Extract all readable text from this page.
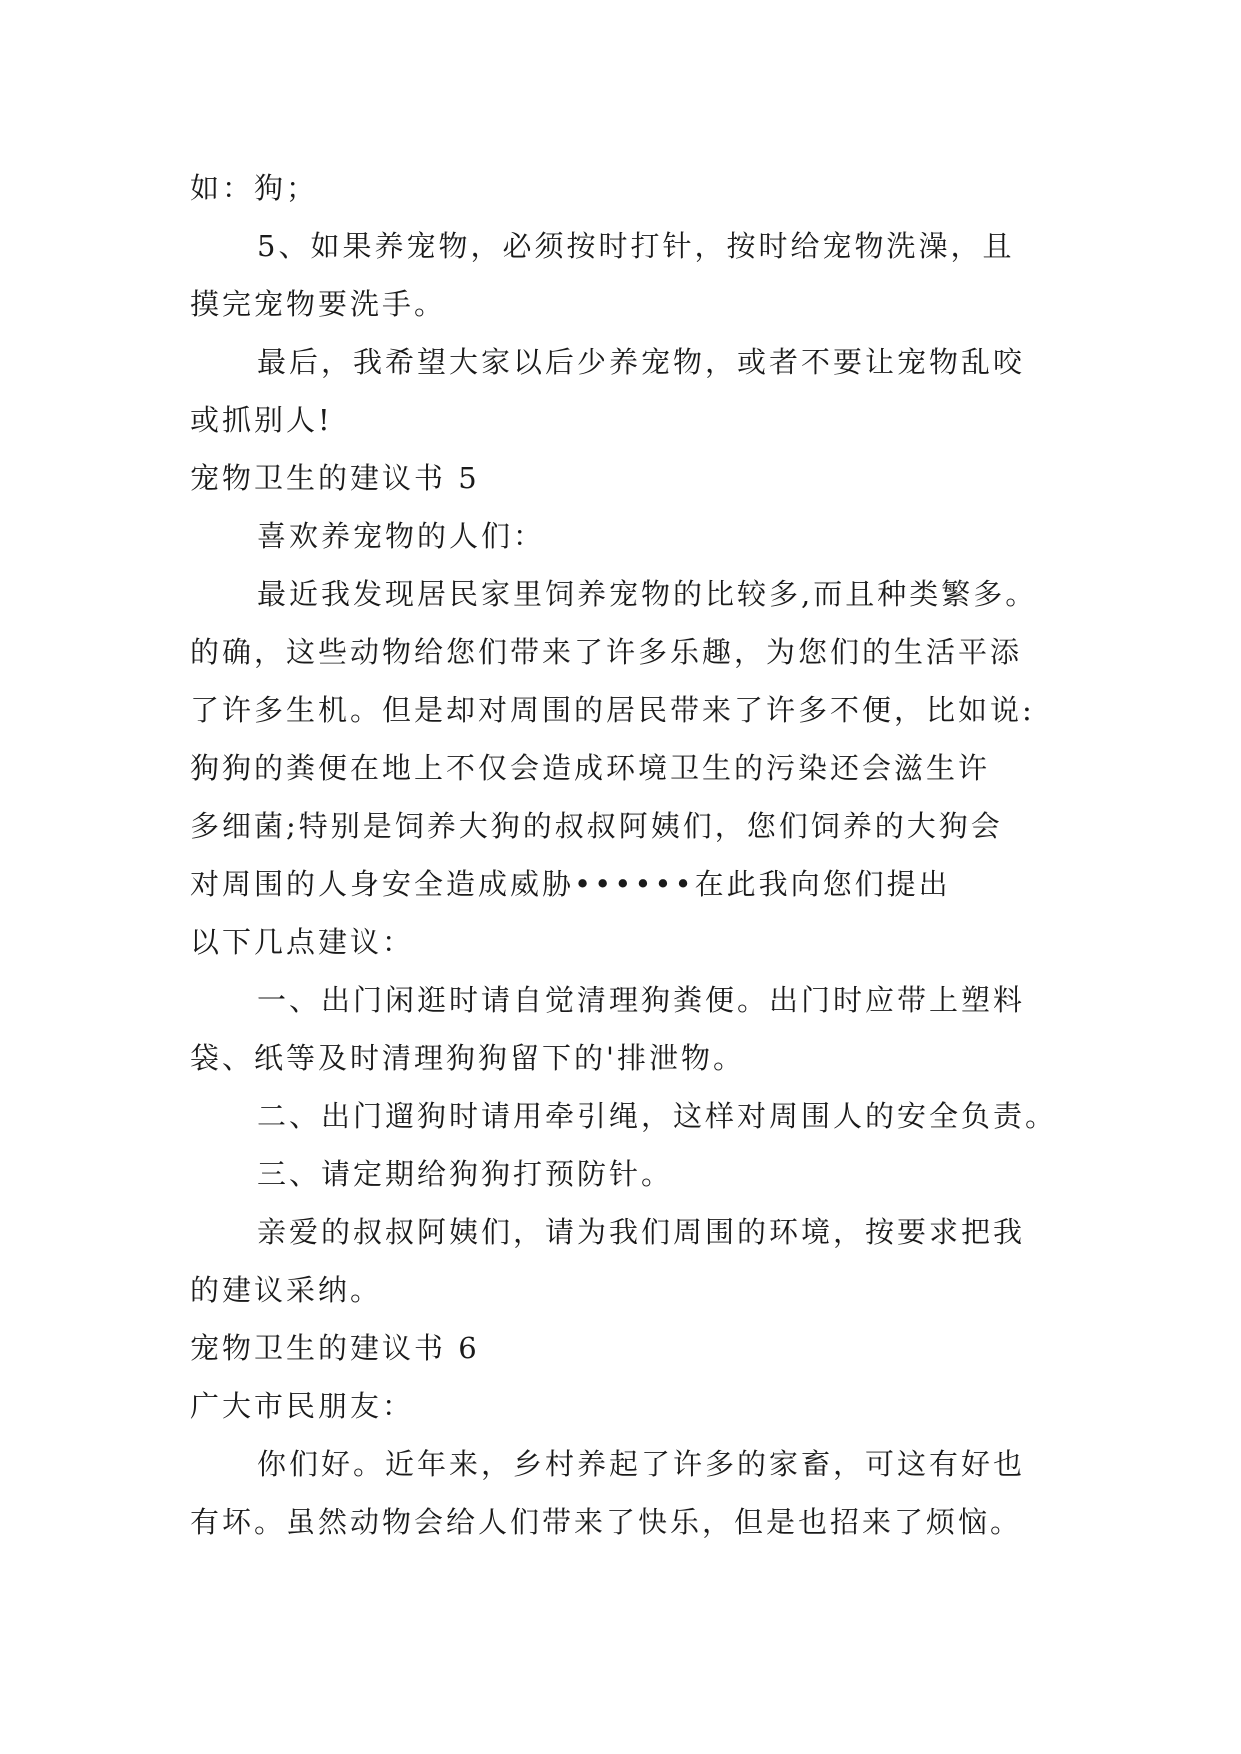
如：狗；
5、如果养宠物，必须按时打针，按时给宠物洗澡，且
摸完宠物要洗手。
最后，我希望大家以后少养宠物，或者不要让宠物乱咬
或抓别人!
宠物卫生的建议书 5
喜欢养宠物的人们：
最近我发现居民家里饲养宠物的比较多,而且种类繁多。
的确，这些动物给您们带来了许多乐趣，为您们的生活平添
了许多生机。但是却对周围的居民带来了许多不便，比如说:
狗狗的粪便在地上不仅会造成环境卫生的污染还会滋生许
多细菌;特别是饲养大狗的叔叔阿姨们，您们饲养的大狗会
对周围的人身安全造成威胁••••••在此我向您们提出
以下几点建议：
一、出门闲逛时请自觉清理狗粪便。出门时应带上塑料
袋、纸等及时清理狗狗留下的'排泄物。
二、出门遛狗时请用牵引绳，这样对周围人的安全负责。
三、请定期给狗狗打预防针。
亲爱的叔叔阿姨们，请为我们周围的环境，按要求把我
的建议采纳。
宠物卫生的建议书 6
广大市民朋友：
你们好。近年来，乡村养起了许多的家畜，可这有好也
有坏。虽然动物会给人们带来了快乐，但是也招来了烦恼。
